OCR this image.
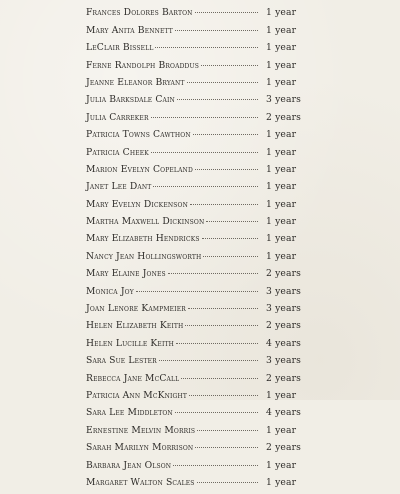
Frances Dolores Barton	1 year
Mary Anita Bennett	1 year
LeClair Bissell	1 year
Ferne Randolph Broaddus	1 year
Jeanne Eleanor Bryant	1 year
Julia Barksdale Cain	3 years
Julia Carreker	2 years
Patricia Towns Cawthon	1 year
Patricia Cheek	1 year
Marion Evelyn Copeland	1 year
Janet Lee Dant	1 year
Mary Evelyn Dickenson	1 year
Martha Maxwell Dickinson	1 year
Mary Elizabeth Hendricks	1 year
Nancy Jean Hollingsworth	1 year
Mary Elaine Jones	2 years
Monica Joy	3 years
Joan Lenore Kampmeier	3 years
Helen Elizabeth Keith	2 years
Helen Lucille Keith	4 years
Sara Sue Lester	3 years
Rebecca Jane McCall	2 years
Patricia Ann McKnight	1 year
Sara Lee Middleton	4 years
Ernestine Melvin Morris	1 year
Sarah Marilyn Morrison	2 years
Barbara Jean Olson	1 year
Margaret Walton Scales	1 year
